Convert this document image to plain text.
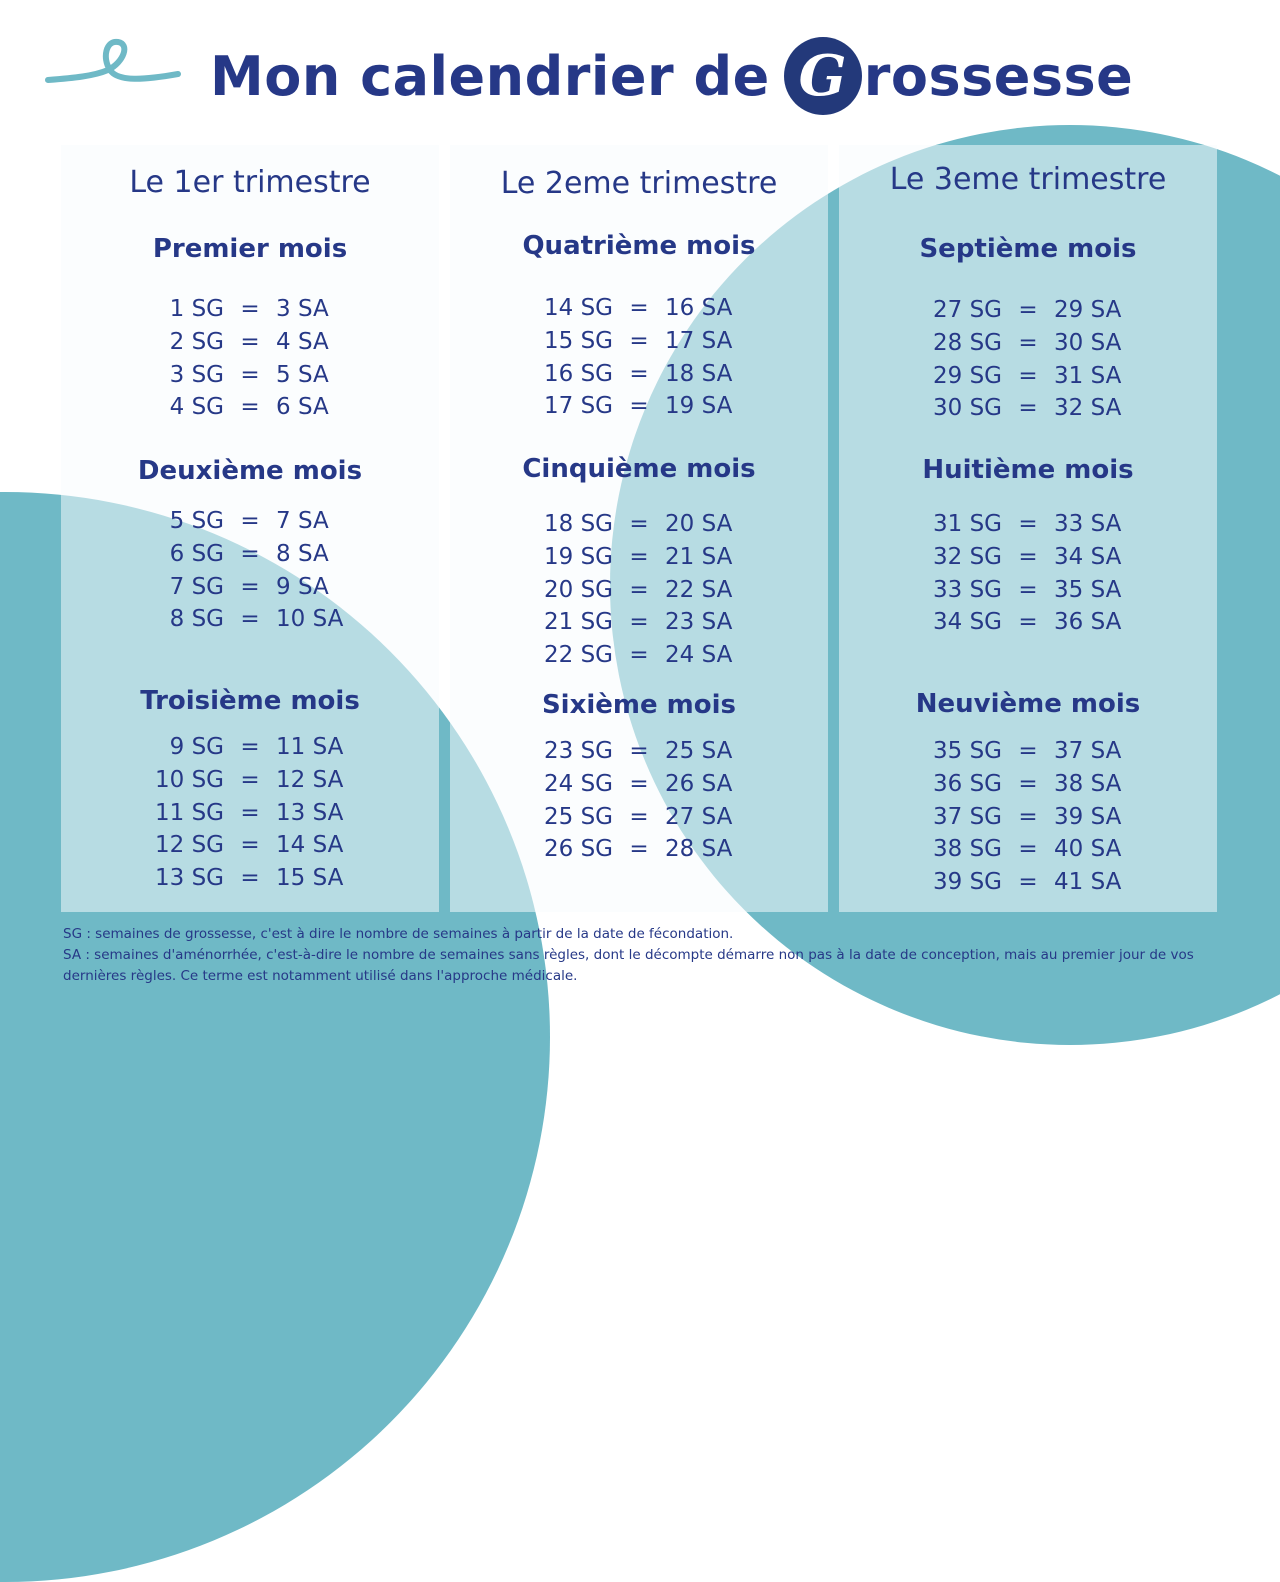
Mon calendrier de G rossesse
Le 1er trimestre
Premier mois
1 SG = 3 SA
2 SG = 4 SA
3 SG = 5 SA
4 SG = 6 SA
Deuxième mois
5 SG = 7 SA
6 SG = 8 SA
7 SG = 9 SA
8 SG = 10 SA
Troisième mois
9 SG = 11 SA
10 SG = 12 SA
11 SG = 13 SA
12 SG = 14 SA
13 SG = 15 SA
Le 2eme trimestre
Quatrième mois
14 SG = 16 SA
15 SG = 17 SA
16 SG = 18 SA
17 SG = 19 SA
Cinquième mois
18 SG = 20 SA
19 SG = 21 SA
20 SG = 22 SA
21 SG = 23 SA
22 SG = 24 SA
Sixième mois
23 SG = 25 SA
24 SG = 26 SA
25 SG = 27 SA
26 SG = 28 SA
Le 3eme trimestre
Septième mois
27 SG = 29 SA
28 SG = 30 SA
29 SG = 31 SA
30 SG = 32 SA
Huitième mois
31 SG = 33 SA
32 SG = 34 SA
33 SG = 35 SA
34 SG = 36 SA
Neuvième mois
35 SG = 37 SA
36 SG = 38 SA
37 SG = 39 SA
38 SG = 40 SA
39 SG = 41 SA

SG : semaines de grossesse, c'est à dire le nombre de semaines à partir de la date de fécondation.

SA : semaines d'aménorrhée, c'est-à-dire le nombre de semaines sans règles, dont le décompte démarre non pas à la date de conception, mais au premier jour de vos dernières règles. Ce terme est notamment utilisé dans l'approche médicale.
